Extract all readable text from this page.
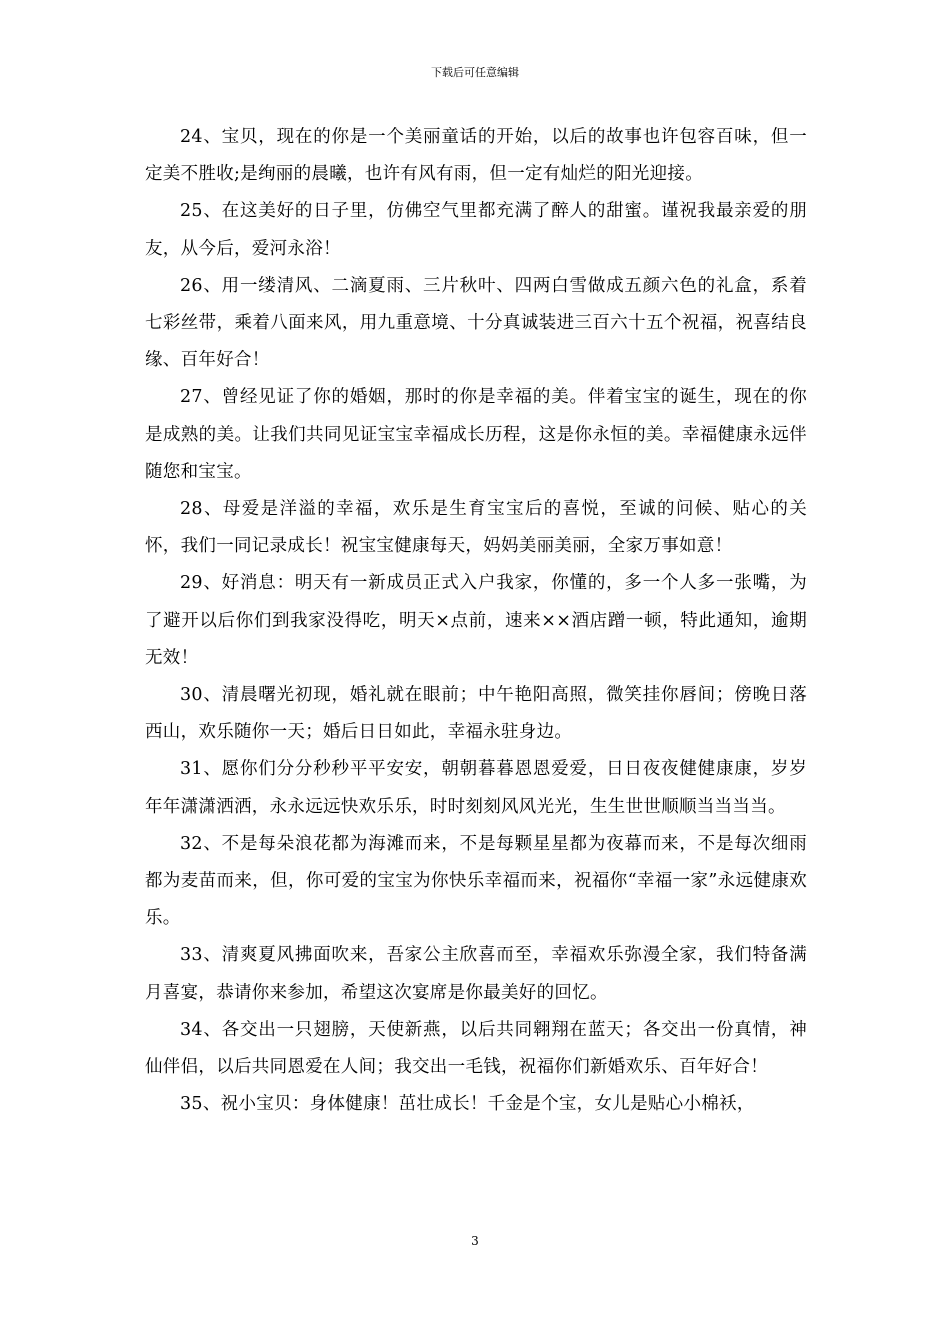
下载后可任意编辑

24、宝贝，现在的你是一个美丽童话的开始，以后的故事也许包容百味，但一定美不胜收;是绚丽的晨曦，也许有风有雨，但一定有灿烂的阳光迎接。

25、在这美好的日子里，仿佛空气里都充满了醉人的甜蜜。谨祝我最亲爱的朋友，从今后，爱河永浴！

26、用一缕清风、二滴夏雨、三片秋叶、四两白雪做成五颜六色的礼盒，系着七彩丝带，乘着八面来风，用九重意境、十分真诚装进三百六十五个祝福，祝喜结良缘、百年好合！

27、曾经见证了你的婚姻，那时的你是幸福的美。伴着宝宝的诞生，现在的你是成熟的美。让我们共同见证宝宝幸福成长历程，这是你永恒的美。幸福健康永远伴随您和宝宝。

28、母爱是洋溢的幸福，欢乐是生育宝宝后的喜悦，至诚的问候、贴心的关怀，我们一同记录成长！祝宝宝健康每天，妈妈美丽美丽，全家万事如意！

29、好消息：明天有一新成员正式入户我家，你懂的，多一个人多一张嘴，为了避开以后你们到我家没得吃，明天×点前，速来××酒店蹭一顿，特此通知，逾期无效！

30、清晨曙光初现，婚礼就在眼前；中午艳阳高照，微笑挂你唇间；傍晚日落西山，欢乐随你一天；婚后日日如此，幸福永驻身边。

31、愿你们分分秒秒平平安安，朝朝暮暮恩恩爱爱，日日夜夜健健康康，岁岁年年潇潇洒洒，永永远远快欢乐乐，时时刻刻风风光光，生生世世顺顺当当当当。

32、不是每朵浪花都为海滩而来，不是每颗星星都为夜幕而来，不是每次细雨都为麦苗而来，但，你可爱的宝宝为你快乐幸福而来，祝福你“幸福一家”永远健康欢乐。

33、清爽夏风拂面吹来，吾家公主欣喜而至，幸福欢乐弥漫全家，我们特备满月喜宴，恭请你来参加，希望这次宴席是你最美好的回忆。

34、各交出一只翅膀，天使新燕，以后共同翱翔在蓝天；各交出一份真情，神仙伴侣，以后共同恩爱在人间；我交出一毛钱，祝福你们新婚欢乐、百年好合！

35、祝小宝贝：身体健康！茁壮成长！千金是个宝，女儿是贴心小棉袄，

3
